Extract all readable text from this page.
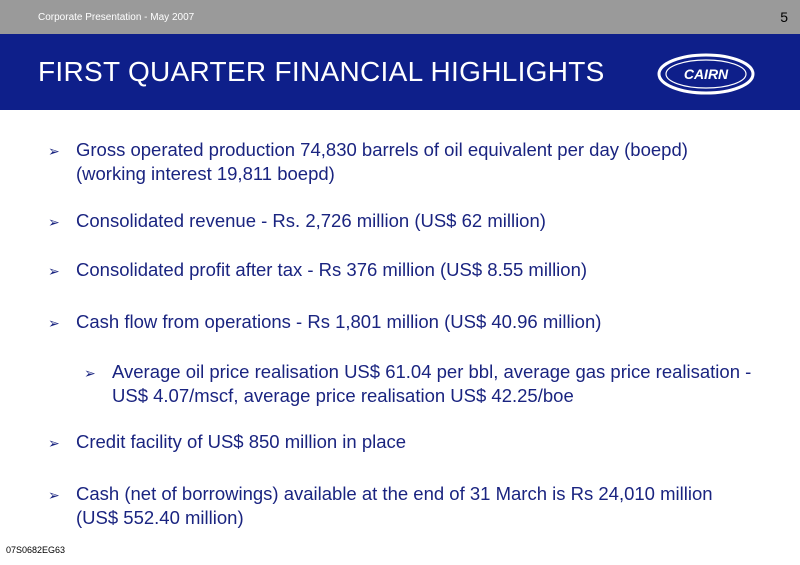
Corporate Presentation - May 2007	5
FIRST QUARTER FINANCIAL HIGHLIGHTS	CAIRN
➢ Gross operated production 74,830 barrels of oil equivalent per day (boepd) (working interest 19,811 boepd)
➢ Consolidated revenue - Rs. 2,726 million (US$ 62 million)
➢ Consolidated profit after tax - Rs 376 million (US$ 8.55 million)
➢ Cash flow from operations - Rs 1,801 million (US$ 40.96 million)
➢ Average oil price realisation US$ 61.04 per bbl, average gas price realisation - US$ 4.07/mscf, average price realisation US$ 42.25/boe
➢ Credit facility of US$ 850 million in place
➢ Cash (net of borrowings) available at the end of 31 March is Rs 24,010 million (US$ 552.40 million)
07S0682EG63
